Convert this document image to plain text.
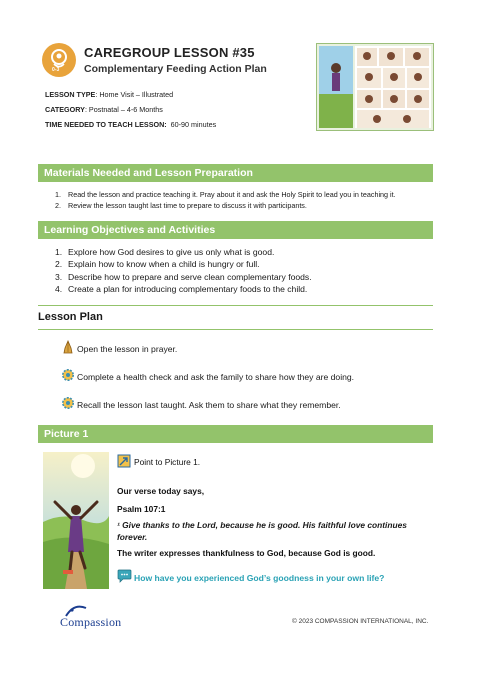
0-3
CAREGROUP LESSON #35
Complementary Feeding Action Plan
LESSON TYPE: Home Visit – Illustrated
CATEGORY: Postnatal – 4-6 Months
TIME NEEDED TO TEACH LESSON: 60-90 minutes
Materials Needed and Lesson Preparation
1. Read the lesson and practice teaching it. Pray about it and ask the Holy Spirit to lead you in teaching it.
2. Review the lesson taught last time to prepare to discuss it with participants.
Learning Objectives and Activities
1. Explore how God desires to give us only what is good.
2. Explain how to know when a child is hungry or full.
3. Describe how to prepare and serve clean complementary foods.
4. Create a plan for introducing complementary foods to the child.
Lesson Plan
Open the lesson in prayer.
Complete a health check and ask the family to share how they are doing.
Recall the lesson last taught. Ask them to share what they remember.
Picture 1
Point to Picture 1.
Our verse today says,
Psalm 107:1
¹ Give thanks to the Lord, because he is good. His faithful love continues forever.
The writer expresses thankfulness to God, because God is good.
How have you experienced God’s goodness in your own life?
Compassion	© 2023 COMPASSION INTERNATIONAL, INC.
